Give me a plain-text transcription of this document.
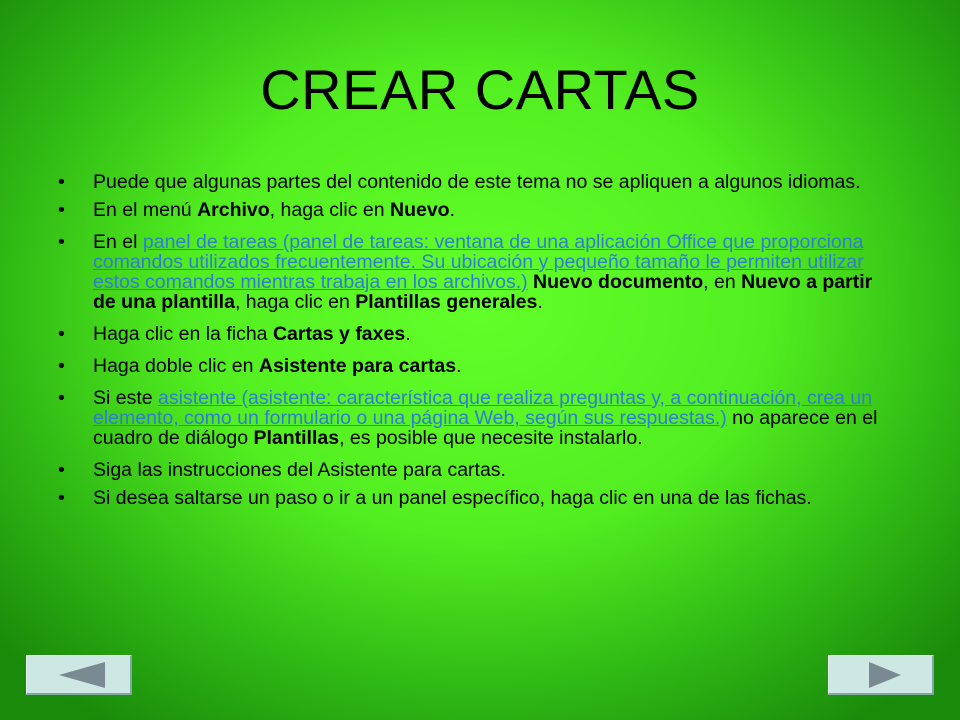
CREAR CARTAS
• Puede que algunas partes del contenido de este tema no se apliquen a algunos idiomas.
• En el menú Archivo, haga clic en Nuevo.
• En el panel de tareas (panel de tareas: ventana de una aplicación Office que proporciona comandos utilizados frecuentemente. Su ubicación y pequeño tamaño le permiten utilizar estos comandos mientras trabaja en los archivos.) Nuevo documento, en Nuevo a partir de una plantilla, haga clic en Plantillas generales.
• Haga clic en la ficha Cartas y faxes.
• Haga doble clic en Asistente para cartas.
• Si este asistente (asistente: característica que realiza preguntas y, a continuación, crea un elemento, como un formulario o una página Web, según sus respuestas.) no aparece en el cuadro de diálogo Plantillas, es posible que necesite instalarlo.
• Siga las instrucciones del Asistente para cartas.
• Si desea saltarse un paso o ir a un panel específico, haga clic en una de las fichas.
